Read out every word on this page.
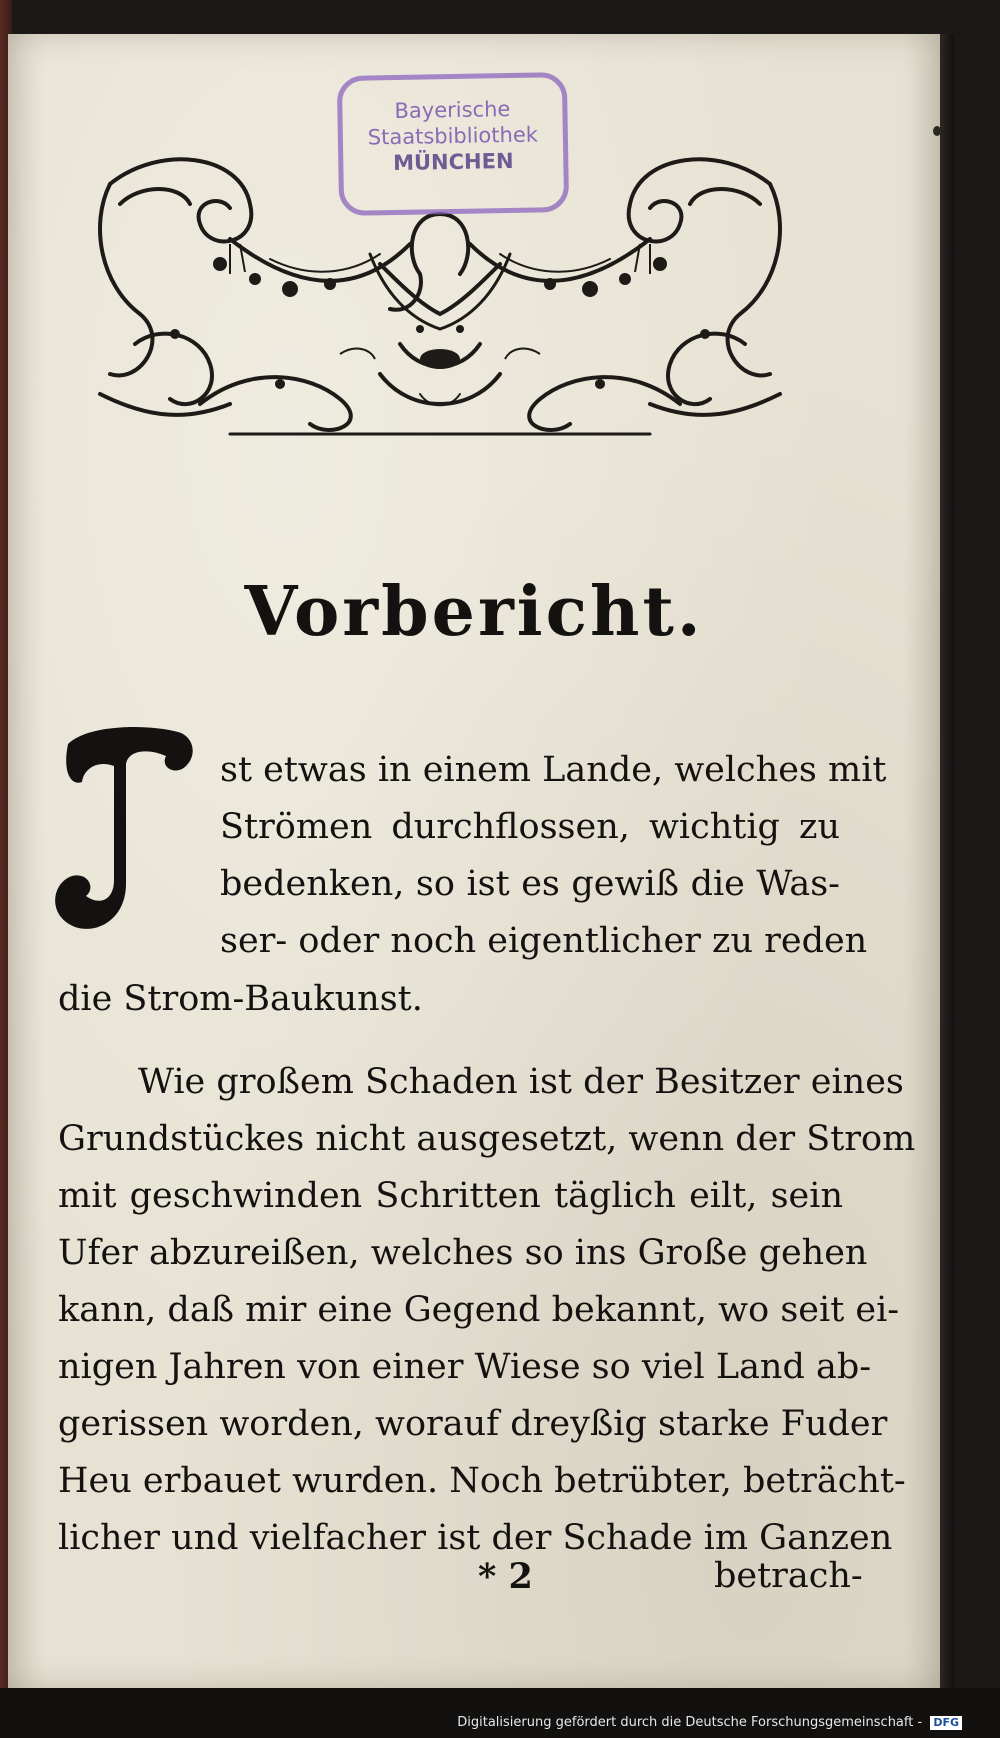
Bayerische
Staatsbibliothek
MÜNCHEN
Vorbericht.
st etwas in einem Lande, welches mit
Strömen durchflossen, wichtig zu
bedenken, so ist es gewiß die Was-
ser- oder noch eigentlicher zu reden
die Strom-Baukunst.
Wie großem Schaden ist der Besitzer eines
Grundstückes nicht ausgesetzt, wenn der Strom
mit geschwinden Schritten täglich eilt, sein
Ufer abzureißen, welches so ins Große gehen
kann, daß mir eine Gegend bekannt, wo seit ei-
nigen Jahren von einer Wiese so viel Land ab-
gerissen worden, worauf dreyßig starke Fuder
Heu erbauet wurden. Noch betrübter, beträcht-
licher und vielfacher ist der Schade im Ganzen
* 2	betrach-
Digitalisierung gefördert durch die Deutsche Forschungsgemeinschaft - DFG
